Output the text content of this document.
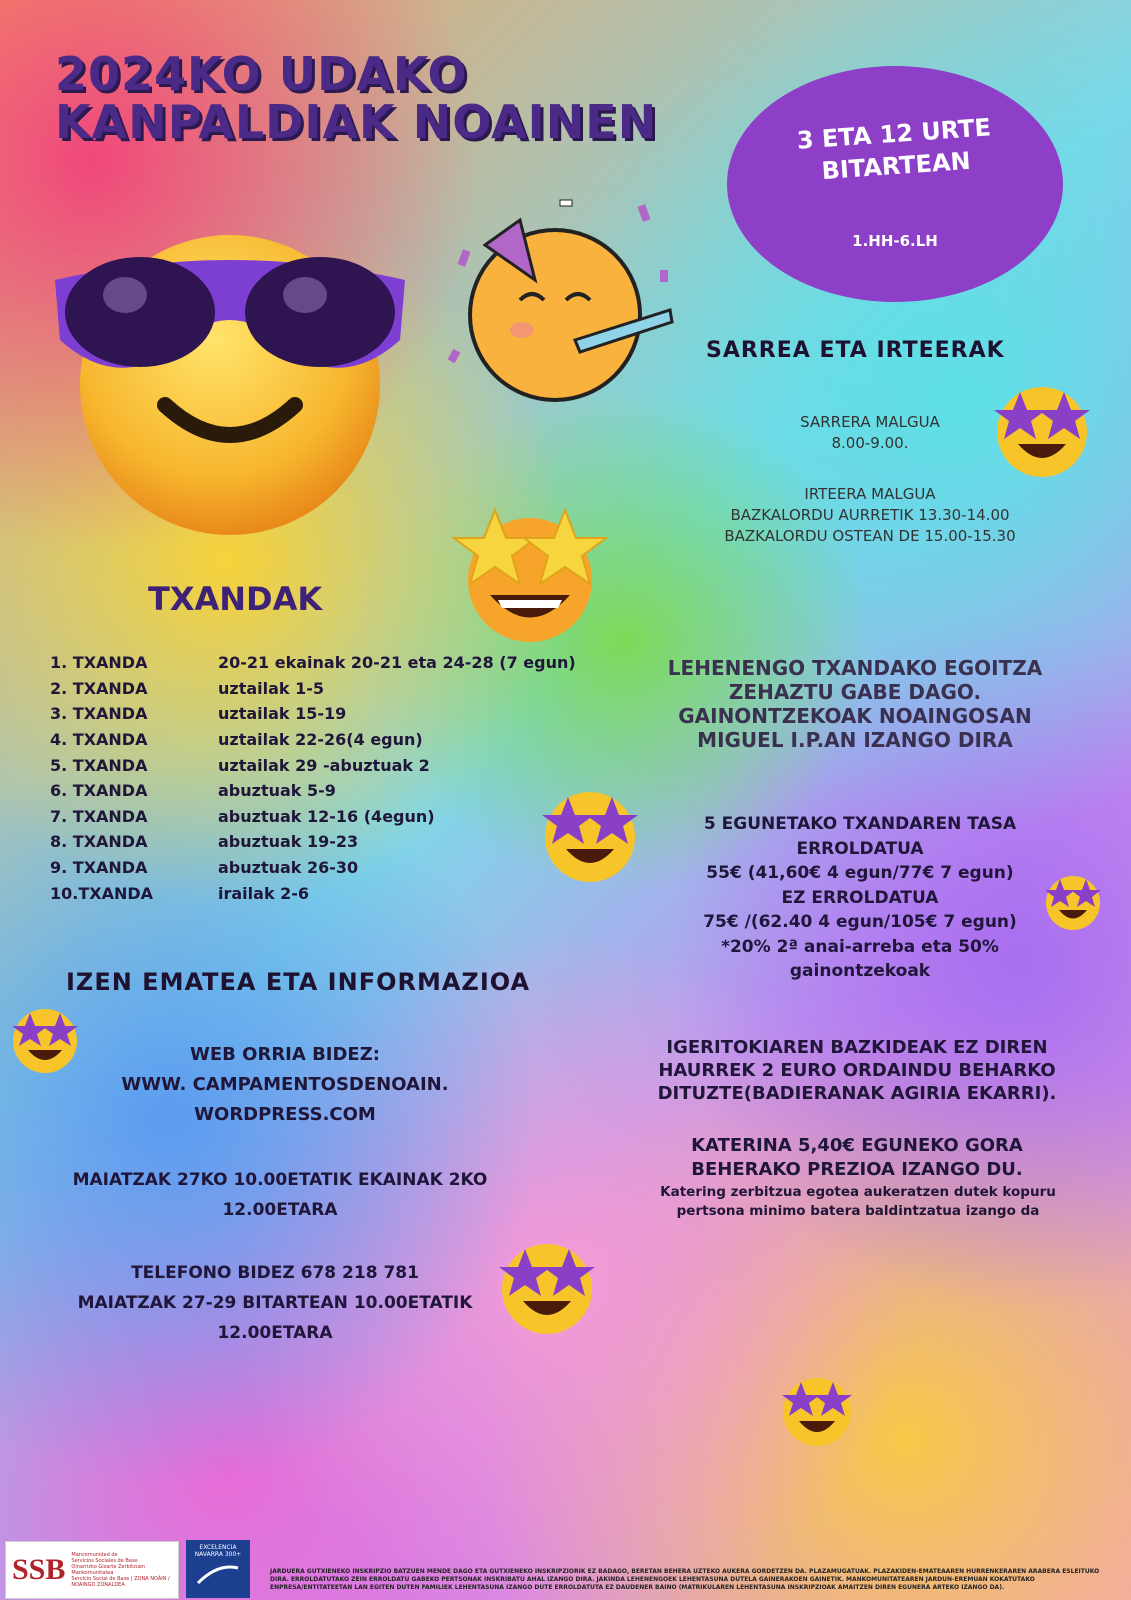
2024KO UDAKO
KANPALDIAK NOAINEN	3 ETA 12 URTE BITARTEAN
1.HH-6.LH
SARREA ETA IRTEERAK

SARRERA MALGUA
8.00-9.00.

IRTEERA MALGUA
BAZKALORDU AURRETIK 13.30-14.00
BAZKALORDU OSTEAN DE 15.00-15.30

TXANDAK
1. TXANDA	20-21 ekainak 20-21 eta 24-28 (7 egun)
2. TXANDA	uztailak 1-5
3. TXANDA	uztailak 15-19
4. TXANDA	uztailak 22-26(4 egun)
5. TXANDA	uztailak 29 -abuztuak 2
6. TXANDA	abuztuak 5-9
7. TXANDA	abuztuak 12-16 (4egun)
8. TXANDA	abuztuak 19-23
9. TXANDA	abuztuak 26-30
10.TXANDA	irailak 2-6
LEHENENGO TXANDAKO EGOITZA
ZEHAZTU GABE DAGO.
GAINONTZEKOAK NOAINGOSAN
MIGUEL I.P.AN IZANGO DIRA
5 EGUNETAKO TXANDAREN TASA
ERROLDATUA
55€ (41,60€ 4 egun/77€ 7 egun)
EZ ERROLDATUA
75€ /(62.40 4 egun/105€ 7 egun)
*20% 2ª anai-arreba eta 50%
gainontzekoak
IZEN EMATEA ETA INFORMAZIOA
WEB ORRIA BIDEZ:
WWW. CAMPAMENTOSDENOAIN.
WORDPRESS.COM
MAIATZAK 27KO 10.00ETATIK EKAINAK 2KO
12.00ETARA
TELEFONO BIDEZ 678 218 781
MAIATZAK 27-29 BITARTEAN 10.00ETATIK
12.00ETARA
IGERITOKIAREN BAZKIDEAK EZ DIREN
HAURREK 2 EURO ORDAINDU BEHARKO
DITUZTE(BADIERANAK AGIRIA EKARRI).
KATERINA 5,40€ EGUNEKO GORA
BEHERAKO PREZIOA IZANGO DU.
Katering zerbitzua egotea aukeratzen dutek kopuru
pertsona minimo batera baldintzatua izango da
SSB Mancomunidad de
Servicios Sociales de Base
Oinarrizko Gizarte Zerbitzuen
Mankomunitatea
Servicio Social de Base | ZONA NOÁIN / NOAINGO ZONALDEA
EXCELENCIA NAVARRA 300+
JARDUERA GUTXIENEKO INSKRIPZIO BATZUEN MENDE DAGO ETA GUTXIENEKO INSKRIPZIORIK EZ BADAGO, BERETAN BEHERA UZTEKO AUKERA GORDETZEN DA. PLAZAMUGATUAK. PLAZAKIDEN-EMATEAAREN HURRENKERAREN ARABERA ESLEITUKO DIRA. ERROLDATUTAKO ZEIN ERROLDATU GABEKO PERTSONAK INSKRIBATU AHAL IZANGO DIRA. JAKINDA LEHENENGOEK LEHENTASUNA DUTELA GAINERAKOEN GAINETIK. MANKOMUNITATEAREN JARDUN-EREMUAN KOKATUTAKO ENPRESA/ENTITATEETAN LAN EGITEN DUTEN FAMILIEK LEHENTASUNA IZANGO DUTE ERROLDATUTA EZ DAUDENER BAINO (MATRIKULAREN LEHENTASUNA INSKRIPZIOAK AMAITZEN DIREN EGUNERA ARTEKO IZANGO DA).
